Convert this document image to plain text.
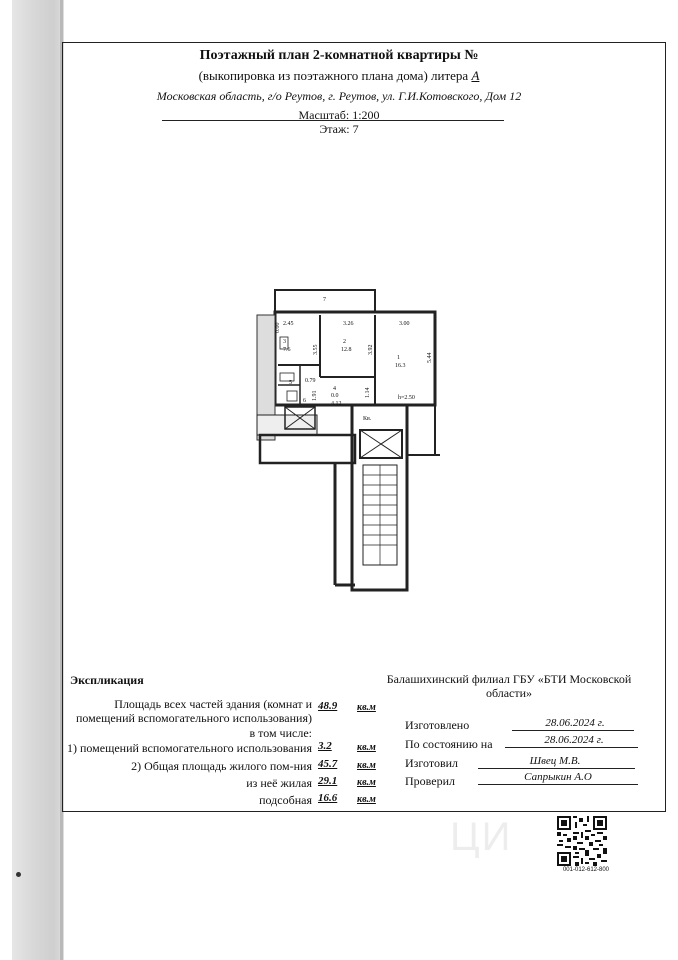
Поэтажный план 2-комнатной квартиры №
(выкопировка из поэтажного плана дома) литера А
Московская область, г/о Реутов, г. Реутов, ул. Г.И.Котовского, Дом 12
Масштаб: 1:200
Этаж: 7
7
3
7.6
2
12.8
1
16.3
4
0.0
5
6
0.00 2.45	3.26	3.00
3.55	3.92
5.44
0.79
1.91
4.12
1.14	h=2.50
Кв.
Экспликация
Площадь всех частей здания (комнат и
помещений вспомогательного использования)
48.9 кв.м
в том числе:
1) помещений вспомогательного использования 3.2	кв.м
2) Общая площадь жилого пом-ния 45.7 кв.м
из неё жилая 29.1 кв.м
подсобная 16.6 кв.м
Балашихинский филиал ГБУ «БТИ Московской области»
Изготовлено	28.06.2024 г.
По состоянию на	28.06.2024 г.
Изготовил	Швец М.В.
Проверил	Сапрыкин А.О
ЦИ
001-012-612-800
